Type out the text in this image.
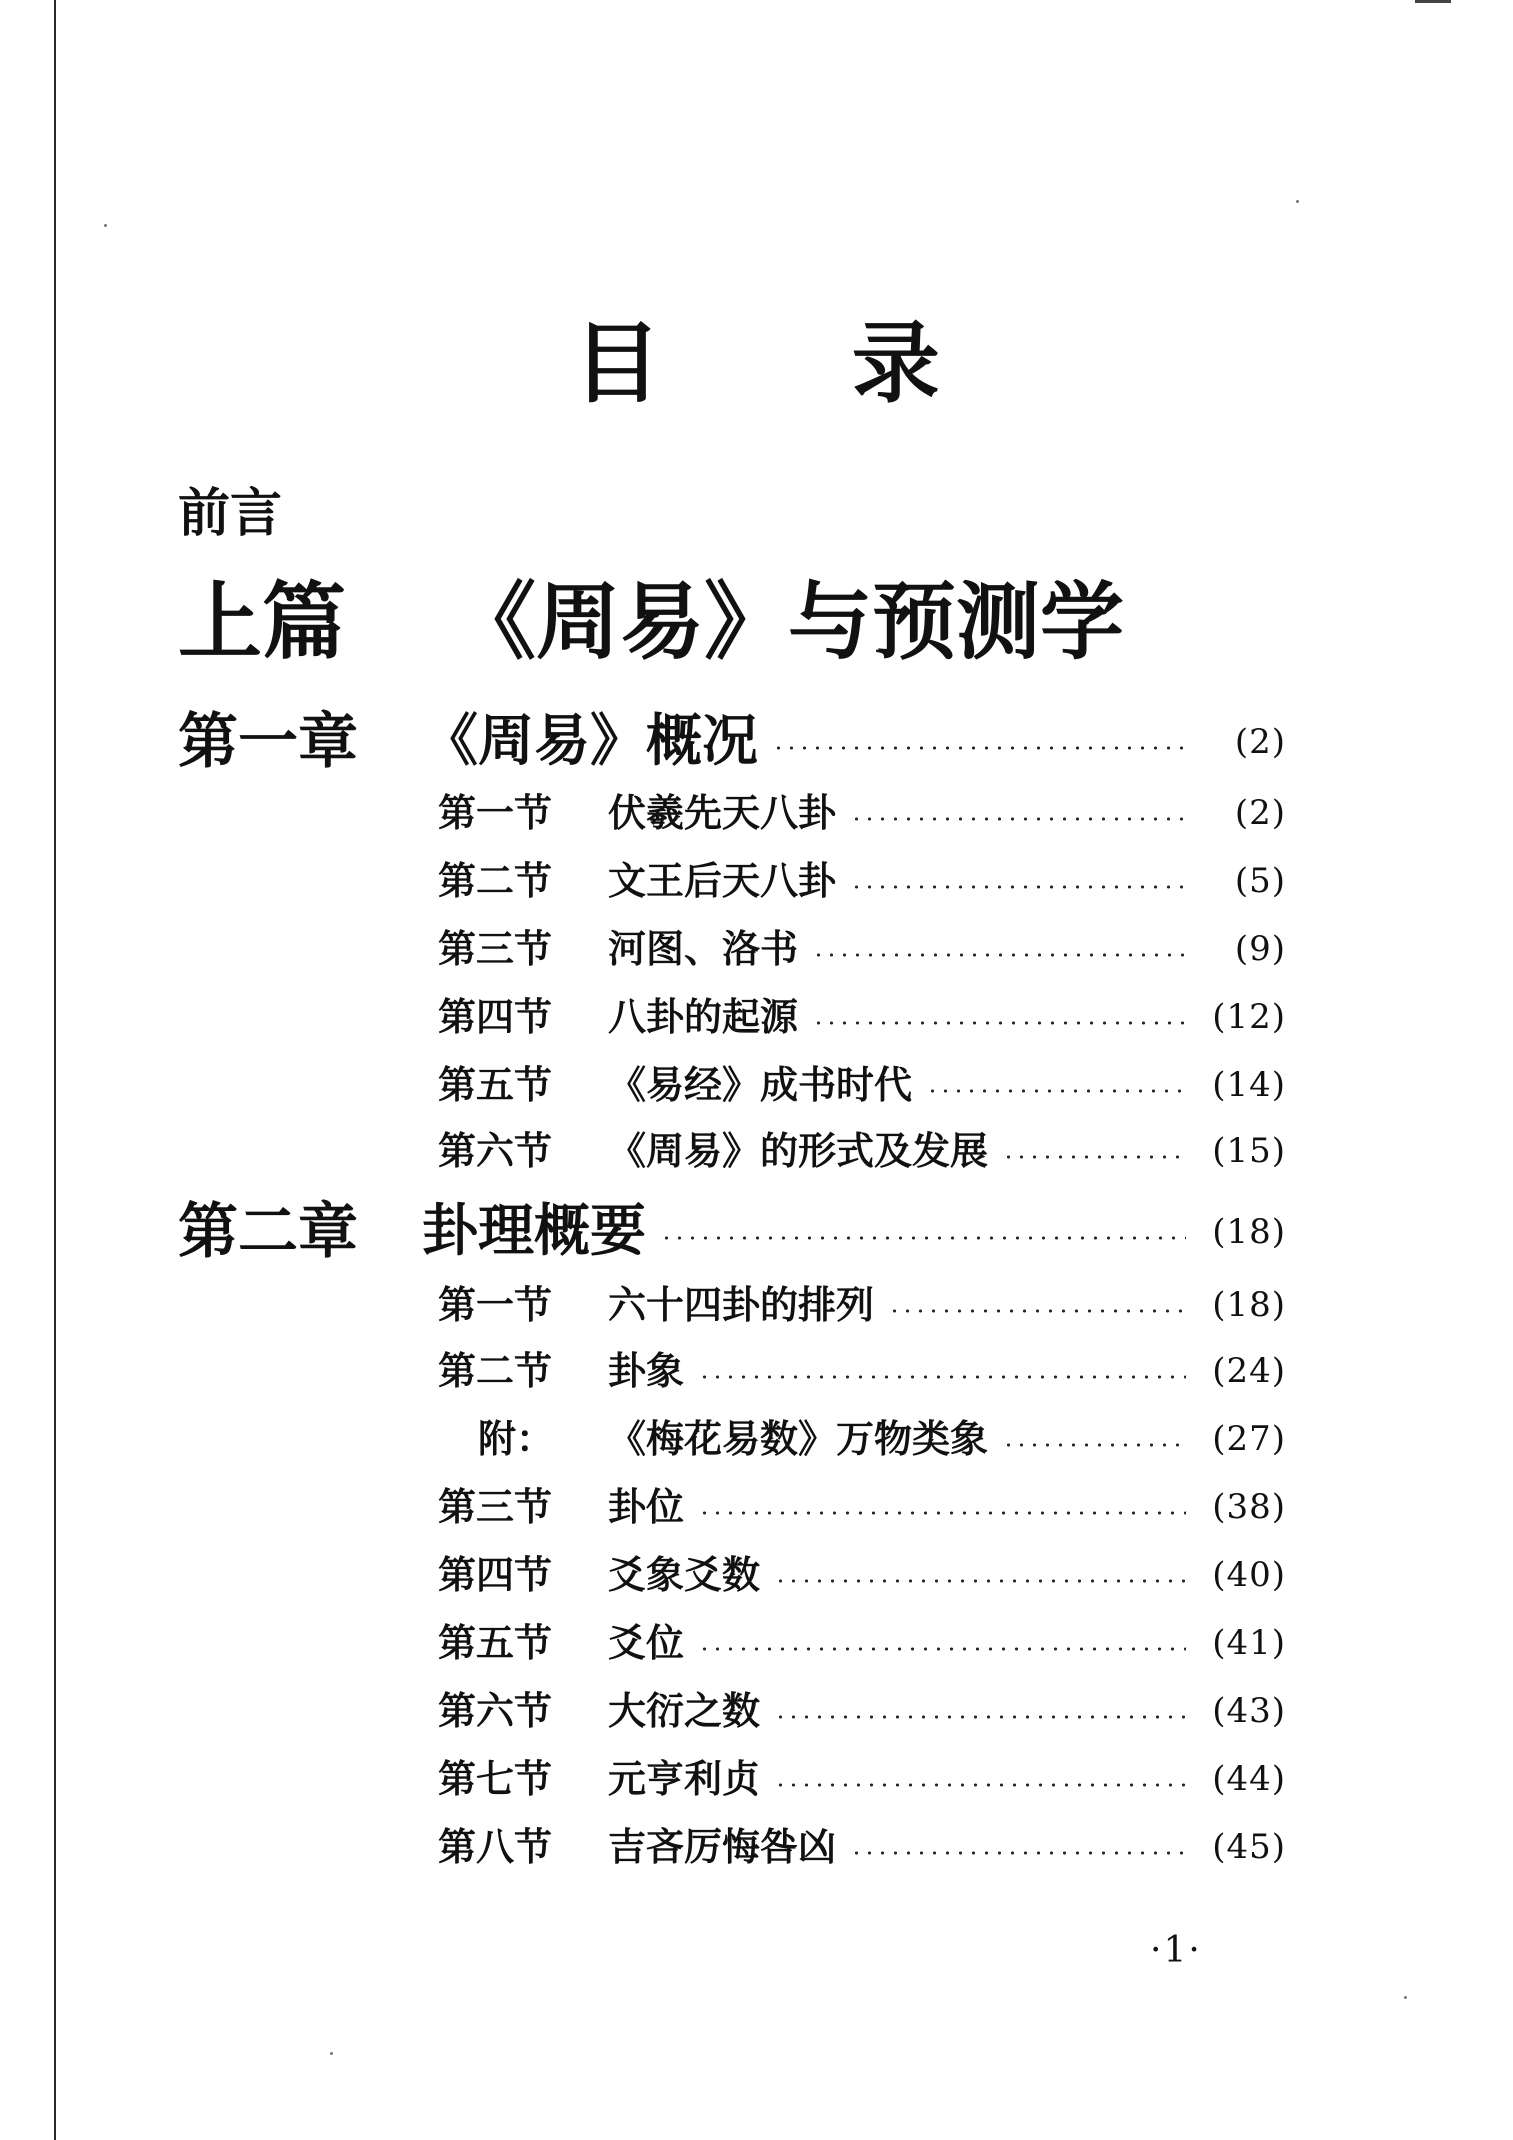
目 录
前言
上篇 《周易》与预测学
第一章	《周易》概况	(2)
第一节	伏羲先天八卦	(2)
第二节	文王后天八卦	(5)
第三节	河图、洛书	(9)
第四节	八卦的起源	(12)
第五节	《易经》成书时代	(14)
第六节	《周易》的形式及发展	(15)
第二章	卦理概要	(18)
第一节	六十四卦的排列	(18)
第二节	卦象	(24)
附：	《梅花易数》万物类象	(27)
第三节	卦位	(38)
第四节	爻象爻数	(40)
第五节	爻位	(41)
第六节	大衍之数	(43)
第七节	元亨利贞	(44)
第八节	吉吝厉悔咎凶	(45)
·1·
